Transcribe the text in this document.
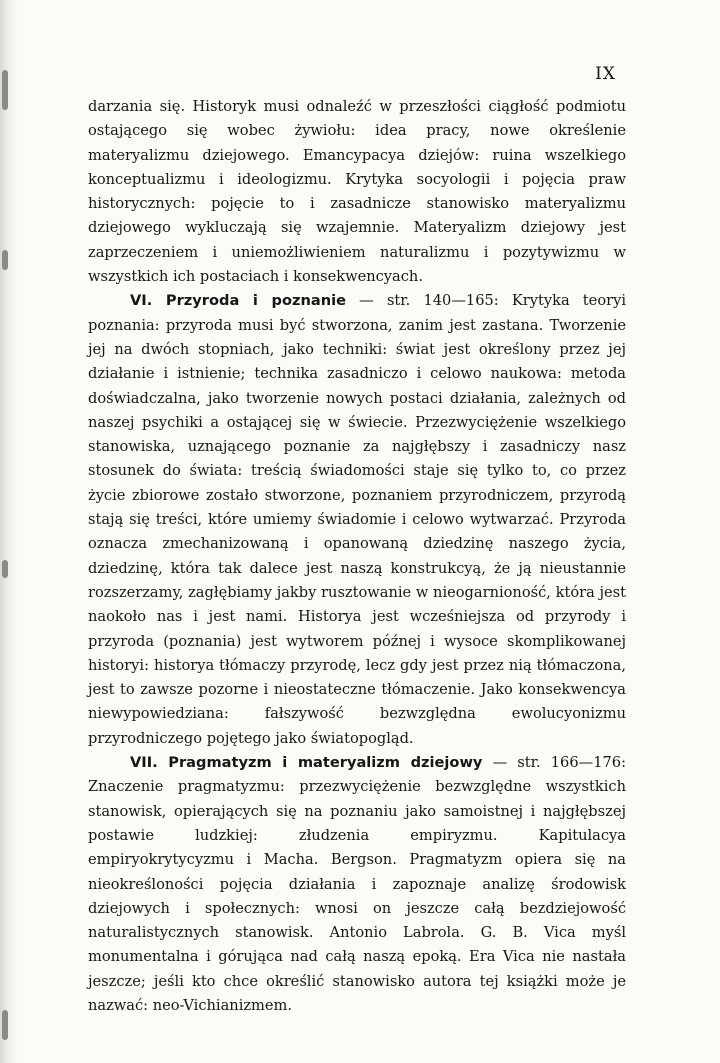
IX

darzania się. Historyk musi odnaleźć w przeszłości ciągłość podmiotu ostającego się wobec żywiołu: idea pracy, nowe określenie materyalizmu dziejowego. Emancypacya dziejów: ruina wszelkiego konceptualizmu i ideologizmu. Krytyka socyologii i pojęcia praw historycznych: pojęcie to i zasadnicze stanowisko materyalizmu dziejowego wykluczają się wzajemnie. Materyalizm dziejowy jest zaprzeczeniem i uniemożliwieniem naturalizmu i pozytywizmu w wszystkich ich postaciach i konsekwencyach.

VI. Przyroda i poznanie — str. 140—165: Krytyka teoryi poznania: przyroda musi być stworzona, zanim jest zastana. Tworzenie jej na dwóch stopniach, jako techniki: świat jest określony przez jej działanie i istnienie; technika zasadniczo i celowo naukowa: metoda doświadczalna, jako tworzenie nowych postaci działania, zależnych od naszej psychiki a ostającej się w świecie. Przezwyciężenie wszelkiego stanowiska, uznającego poznanie za najgłębszy i zasadniczy nasz stosunek do świata: treścią świadomości staje się tylko to, co przez życie zbiorowe zostało stworzone, poznaniem przyrodniczem, przyrodą stają się treści, które umiemy świadomie i celowo wytwarzać. Przyroda oznacza zmechanizowaną i opanowaną dziedzinę naszego życia, dziedzinę, która tak dalece jest naszą konstrukcyą, że ją nieustannie rozszerzamy, zagłębiamy jakby rusztowanie w nieogarnioność, która jest naokoło nas i jest nami. Historya jest wcześniejsza od przyrody i przyroda (poznania) jest wytworem późnej i wysoce skomplikowanej historyi: historya tłómaczy przyrodę, lecz gdy jest przez nią tłómaczona, jest to zawsze pozorne i nieostateczne tłómaczenie. Jako konsekwencya niewypowiedziana: fałszywość bezwzględna ewolucyonizmu przyrodniczego pojętego jako światopogląd.

VII. Pragmatyzm i materyalizm dziejowy — str. 166—176: Znaczenie pragmatyzmu: przezwyciężenie bezwzględne wszystkich stanowisk, opierających się na poznaniu jako samoistnej i najgłębszej postawie ludzkiej: złudzenia empiryzmu. Kapitulacya empiryokrytycyzmu i Macha. Bergson. Pragmatyzm opiera się na nieokreśloności pojęcia działania i zapoznaje analizę środowisk dziejowych i społecznych: wnosi on jeszcze całą bezdziejowość naturalistycznych stanowisk. Antonio Labrola. G. B. Vica myśl monumentalna i górująca nad całą naszą epoką. Era Vica nie nastała jeszcze; jeśli kto chce określić stanowisko autora tej książki może je nazwać: neo-Vichianizmem.
